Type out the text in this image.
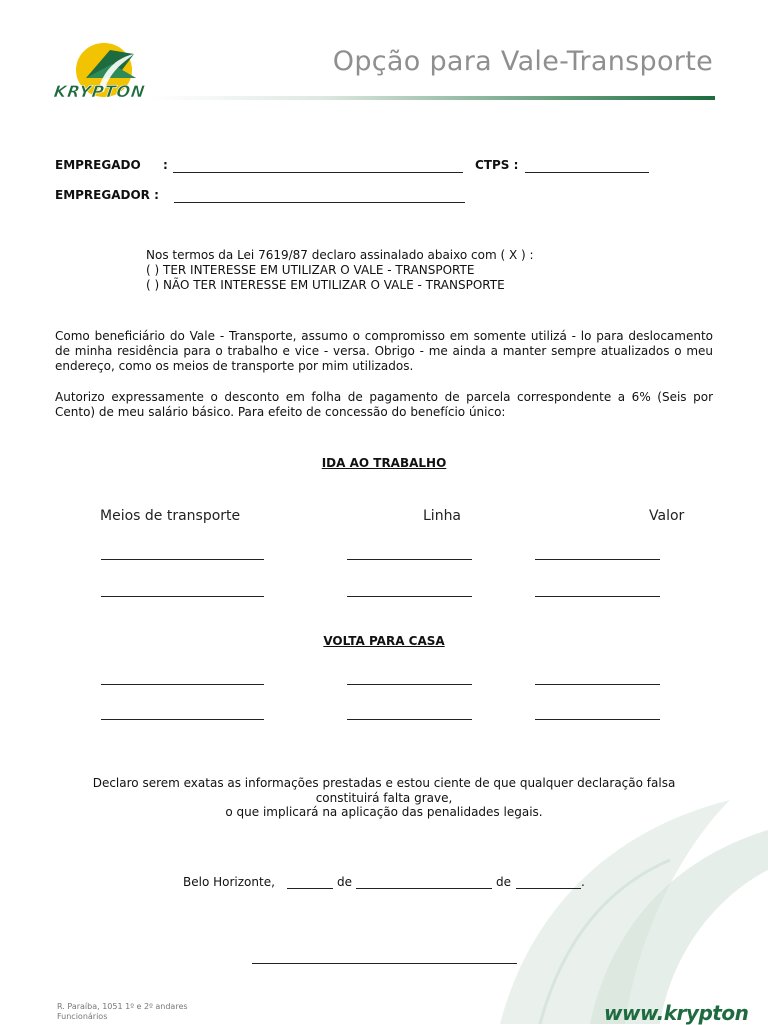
KRYPTON
Opção para Vale-Transporte
EMPREGADO :	CTPS :
EMPREGADOR :
Nos termos da Lei 7619/87 declaro assinalado abaixo com ( X ) :
( ) TER INTERESSE EM UTILIZAR O VALE - TRANSPORTE
( ) NÃO TER INTERESSE EM UTILIZAR O VALE - TRANSPORTE
Como beneficiário do Vale - Transporte, assumo o compromisso em somente utilizá - lo para deslocamento de minha residência para o trabalho e vice - versa. Obrigo - me ainda a manter sempre atualizados o meu endereço, como os meios de transporte por mim utilizados.
Autorizo expressamente o desconto em folha de pagamento de parcela correspondente a 6% (Seis por Cento) de meu salário básico. Para efeito de concessão do benefício único:
IDA AO TRABALHO
Meios de transporte	Linha	Valor
VOLTA PARA CASA
Declaro serem exatas as informações prestadas e estou ciente de que qualquer declaração falsa
constituirá falta grave,
o que implicará na aplicação das penalidades legais.
Belo Horizonte,	de	de	.
R. Paraíba, 1051 1º e 2º andares
Funcionários	www.krypton
